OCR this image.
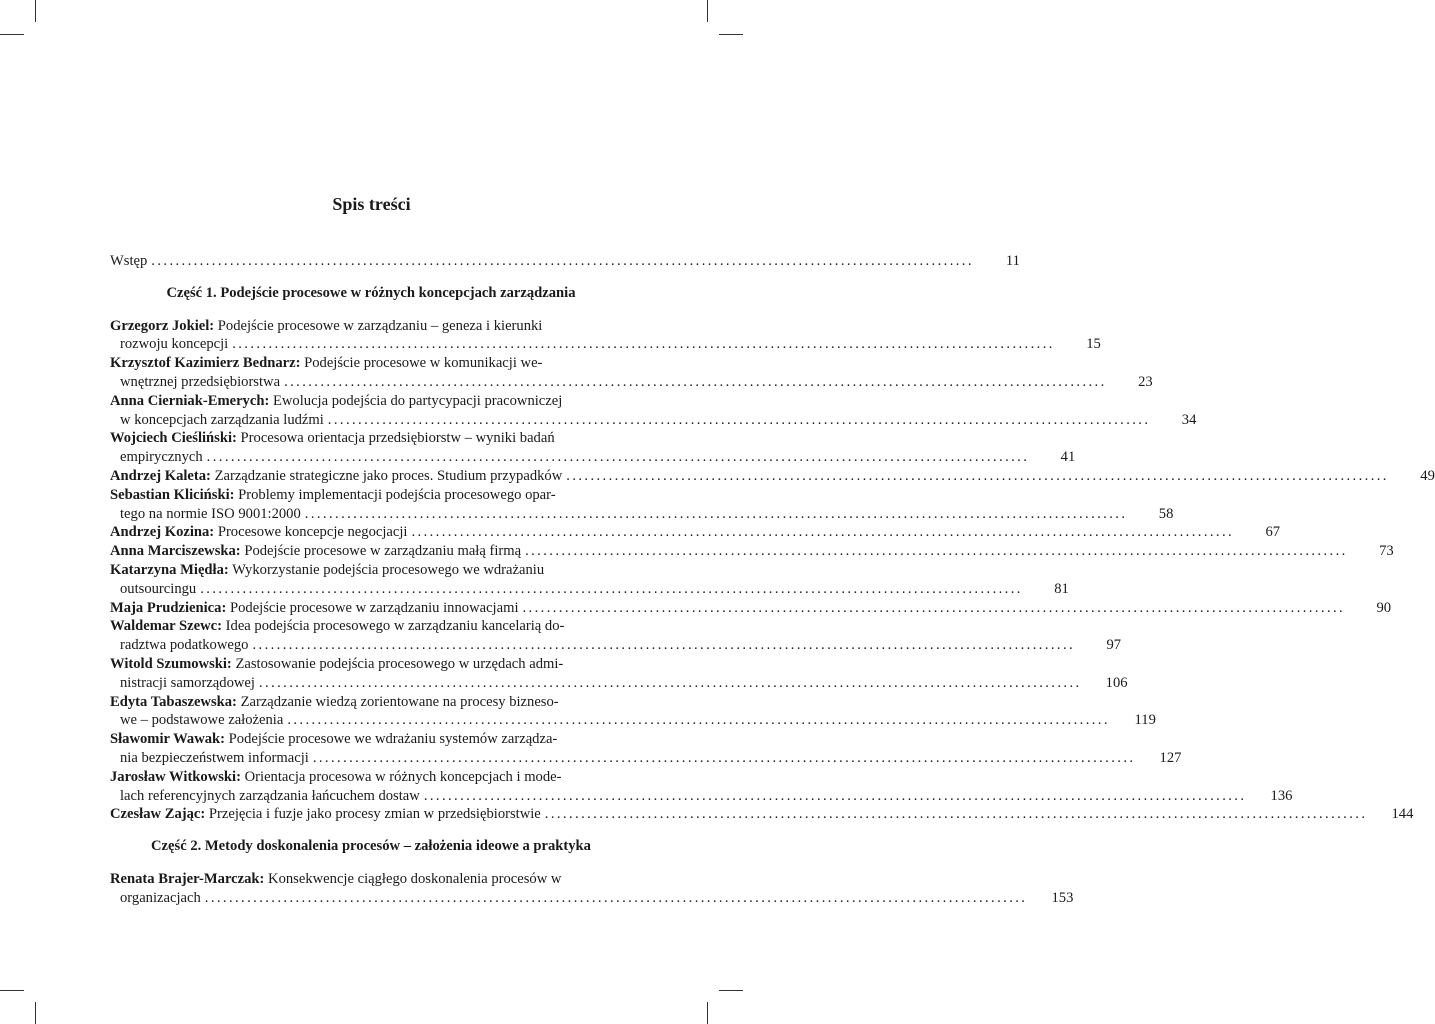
Spis treści
Wstęp ........................................................................................................................................	11
Część 1. Podejście procesowe w różnych koncepcjach zarządzania
Grzegorz Jokiel: Podejście procesowe w zarządzaniu – geneza i kierunki
rozwoju koncepcji ........................................................................................................................................	15
Krzysztof Kazimierz Bednarz: Podejście procesowe w komunikacji we-
wnętrznej przedsiębiorstwa ........................................................................................................................................	23
Anna Cierniak-Emerych: Ewolucja podejścia do partycypacji pracowniczej
w koncepcjach zarządzania ludźmi ........................................................................................................................................	34
Wojciech Cieśliński: Procesowa orientacja przedsiębiorstw – wyniki badań
empirycznych ........................................................................................................................................	41
Andrzej Kaleta: Zarządzanie strategiczne jako proces. Studium przypadków ........................................................................................................................................	49
Sebastian Kliciński: Problemy implementacji podejścia procesowego opar-
tego na normie ISO 9001:2000 ........................................................................................................................................	58
Andrzej Kozina: Procesowe koncepcje negocjacji ........................................................................................................................................	67
Anna Marciszewska: Podejście procesowe w zarządzaniu małą firmą ........................................................................................................................................	73
Katarzyna Międła: Wykorzystanie podejścia procesowego we wdrażaniu
outsourcingu ........................................................................................................................................	81
Maja Prudzienica: Podejście procesowe w zarządzaniu innowacjami ........................................................................................................................................	90
Waldemar Szewc: Idea podejścia procesowego w zarządzaniu kancelarią do-
radztwa podatkowego ........................................................................................................................................	97
Witold Szumowski: Zastosowanie podejścia procesowego w urzędach admi-
nistracji samorządowej ........................................................................................................................................	106
Edyta Tabaszewska: Zarządzanie wiedzą zorientowane na procesy bizneso-
we – podstawowe założenia ........................................................................................................................................	119
Sławomir Wawak: Podejście procesowe we wdrażaniu systemów zarządza-
nia bezpieczeństwem informacji ........................................................................................................................................	127
Jarosław Witkowski: Orientacja procesowa w różnych koncepcjach i mode-
lach referencyjnych zarządzania łańcuchem dostaw ........................................................................................................................................	136
Czesław Zając: Przejęcia i fuzje jako procesy zmian w przedsiębiorstwie ........................................................................................................................................	144
Część 2. Metody doskonalenia procesów – założenia ideowe a praktyka
Renata Brajer-Marczak: Konsekwencje ciągłego doskonalenia procesów w
organizacjach ........................................................................................................................................	153
